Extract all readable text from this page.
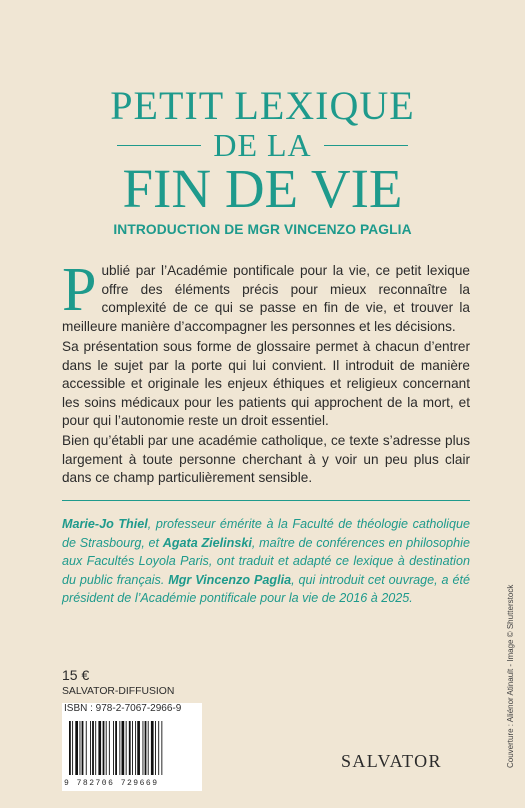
PETIT LEXIQUE
DE LA
FIN DE VIE
INTRODUCTION DE MGR VINCENZO PAGLIA
P ublié par l’Académie pontificale pour la vie, ce petit lexique offre des éléments précis pour mieux reconnaître la complexité de ce qui se passe en fin de vie, et trouver la meilleure manière d’accompagner les personnes et les décisions.
Sa présentation sous forme de glossaire permet à chacun d’entrer dans le sujet par la porte qui lui convient. Il introduit de manière accessible et originale les enjeux éthiques et religieux concernant les soins médicaux pour les patients qui approchent de la mort, et pour qui l’autonomie reste un droit essentiel.
Bien qu’établi par une académie catholique, ce texte s’adresse plus largement à toute personne cherchant à y voir un peu plus clair dans ce champ particulièrement sensible.
Marie-Jo Thiel, professeur émérite à la Faculté de théologie catholique de Strasbourg, et Agata Zielinski, maître de conférences en philosophie aux Facultés Loyola Paris, ont traduit et adapté ce lexique à destination du public français. Mgr Vincenzo Paglia, qui introduit cet ouvrage, a été président de l’Académie pontificale pour la vie de 2016 à 2025.
15 €
SALVATOR-DIFFUSION
ISBN : 978-2-7067-2966-9
9 782706 729669
SALVATOR	Couverture : Aliénor Atinault - Image © Shutterstock
